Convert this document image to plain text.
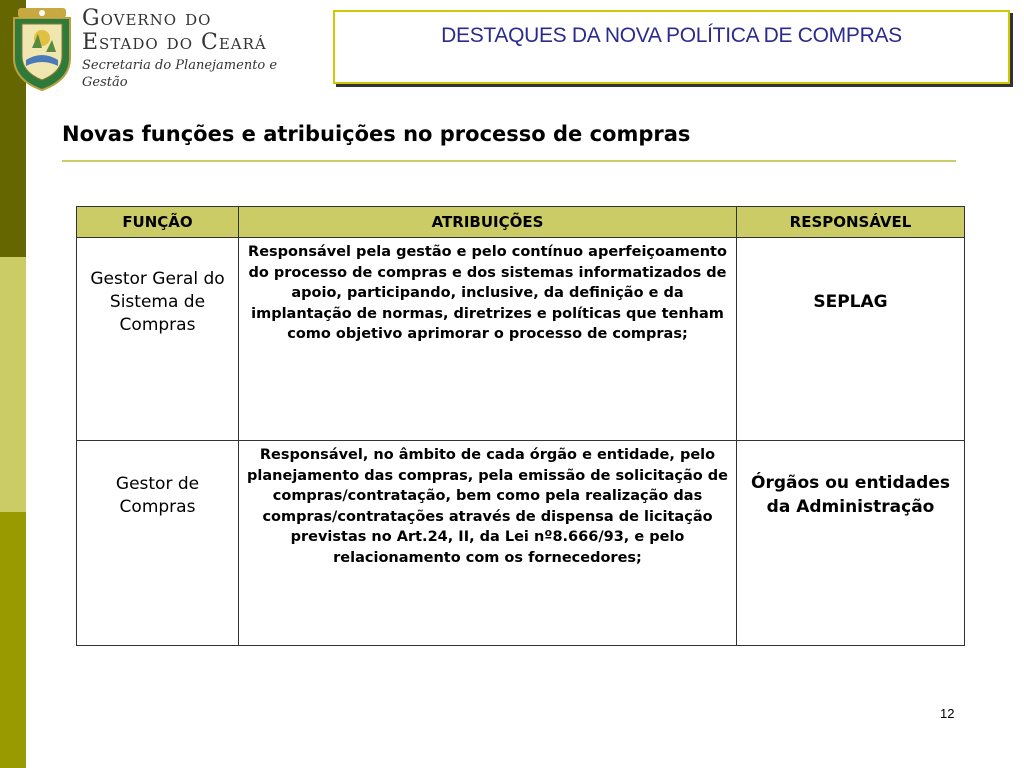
Governo do
Estado do Ceará
Secretaria do Planejamento e
Gestão
DESTAQUES DA NOVA POLÍTICA DE COMPRAS
Novas funções e atribuições no processo de compras
FUNÇÃO	ATRIBUIÇÕES	RESPONSÁVEL
Gestor Geral do Sistema de Compras	Responsável pela gestão e pelo contínuo aperfeiçoamento do processo de compras e dos sistemas informatizados de apoio, participando, inclusive, da definição e da implantação de normas, diretrizes e políticas que tenham como objetivo aprimorar o processo de compras;	SEPLAG
Gestor de Compras	Responsável, no âmbito de cada órgão e entidade, pelo planejamento das compras, pela emissão de solicitação de compras/contratação, bem como pela realização das compras/contratações através de dispensa de licitação previstas no Art.24, II, da Lei nº8.666/93, e pelo relacionamento com os fornecedores;	Órgãos ou entidades da Administração
12
